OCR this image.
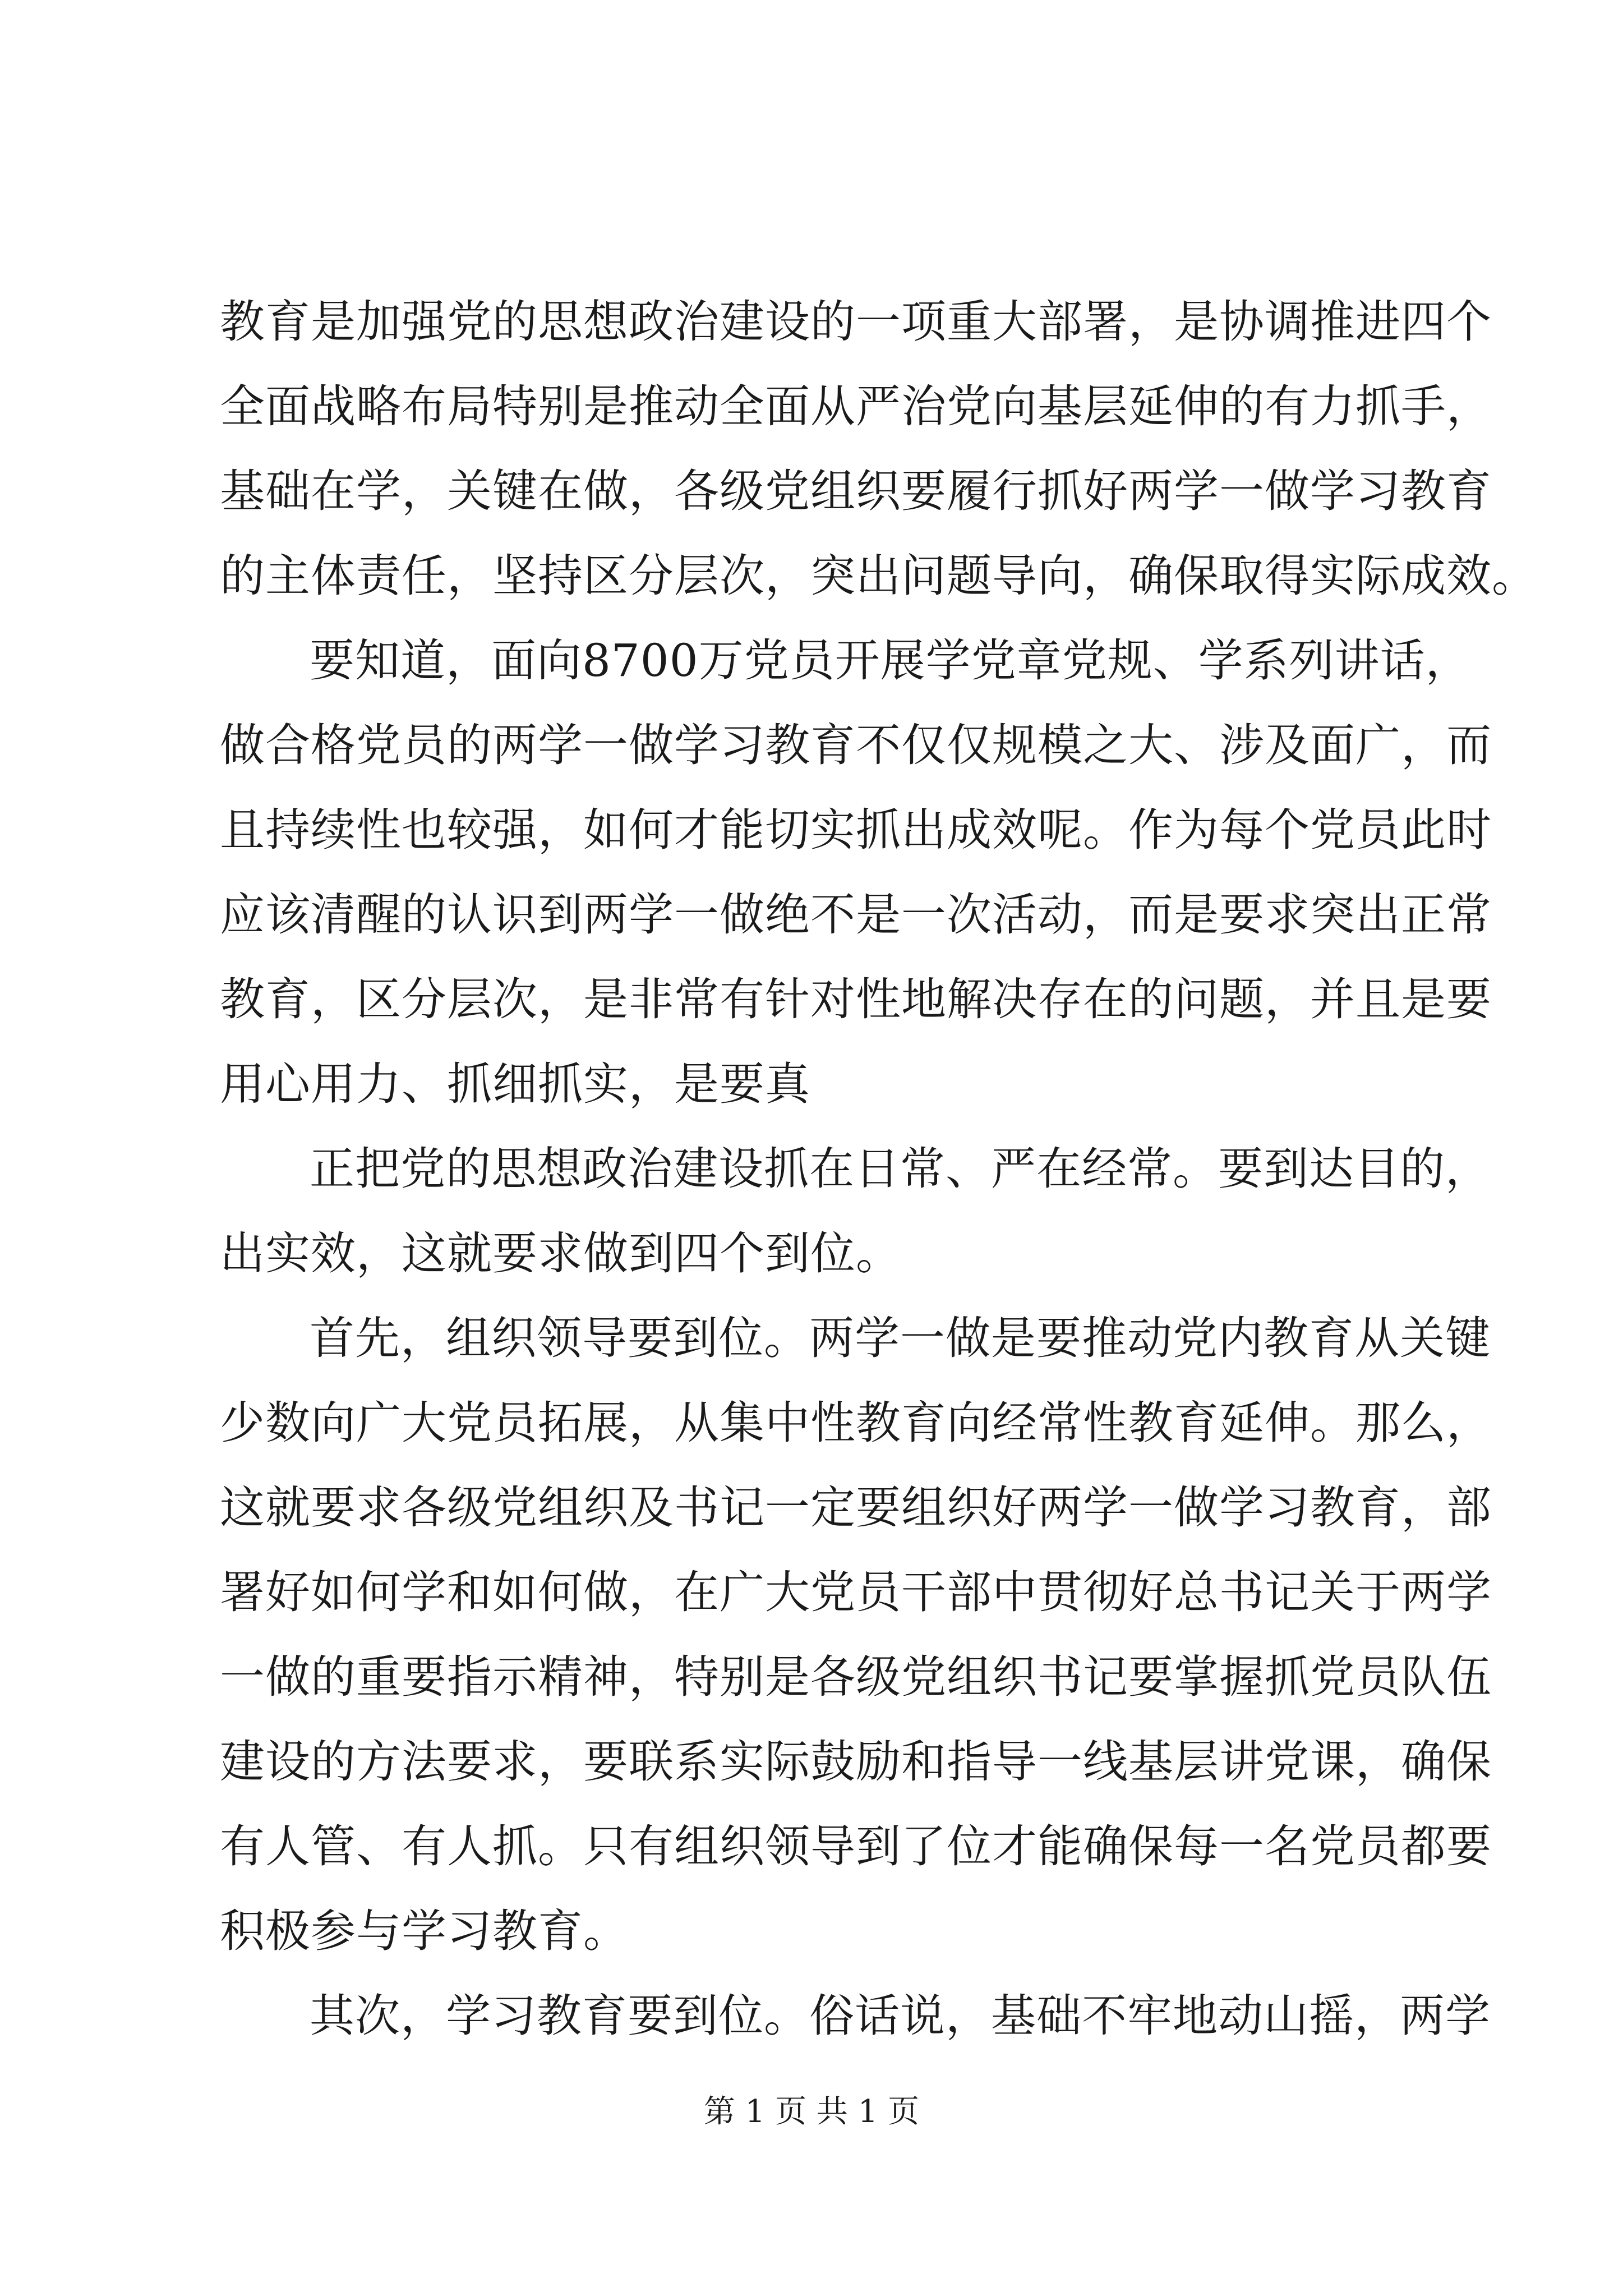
教育是加强党的思想政治建设的一项重大部署，是协调推进四个
全面战略布局特别是推动全面从严治党向基层延伸的有力抓手，
基础在学，关键在做，各级党组织要履行抓好两学一做学习教育
的主体责任，坚持区分层次，突出问题导向，确保取得实际成效。
要知道，面向8700万党员开展学党章党规、学系列讲话，
做合格党员的两学一做学习教育不仅仅规模之大、涉及面广，而
且持续性也较强，如何才能切实抓出成效呢。作为每个党员此时
应该清醒的认识到两学一做绝不是一次活动，而是要求突出正常
教育，区分层次，是非常有针对性地解决存在的问题，并且是要
用心用力、抓细抓实，是要真
正把党的思想政治建设抓在日常、严在经常。要到达目的，
出实效，这就要求做到四个到位。
首先，组织领导要到位。两学一做是要推动党内教育从关键
少数向广大党员拓展，从集中性教育向经常性教育延伸。那么，
这就要求各级党组织及书记一定要组织好两学一做学习教育，部
署好如何学和如何做，在广大党员干部中贯彻好总书记关于两学
一做的重要指示精神，特别是各级党组织书记要掌握抓党员队伍
建设的方法要求，要联系实际鼓励和指导一线基层讲党课，确保
有人管、有人抓。只有组织领导到了位才能确保每一名党员都要
积极参与学习教育。
其次，学习教育要到位。俗话说，基础不牢地动山摇，两学
第 1 页 共 1 页
